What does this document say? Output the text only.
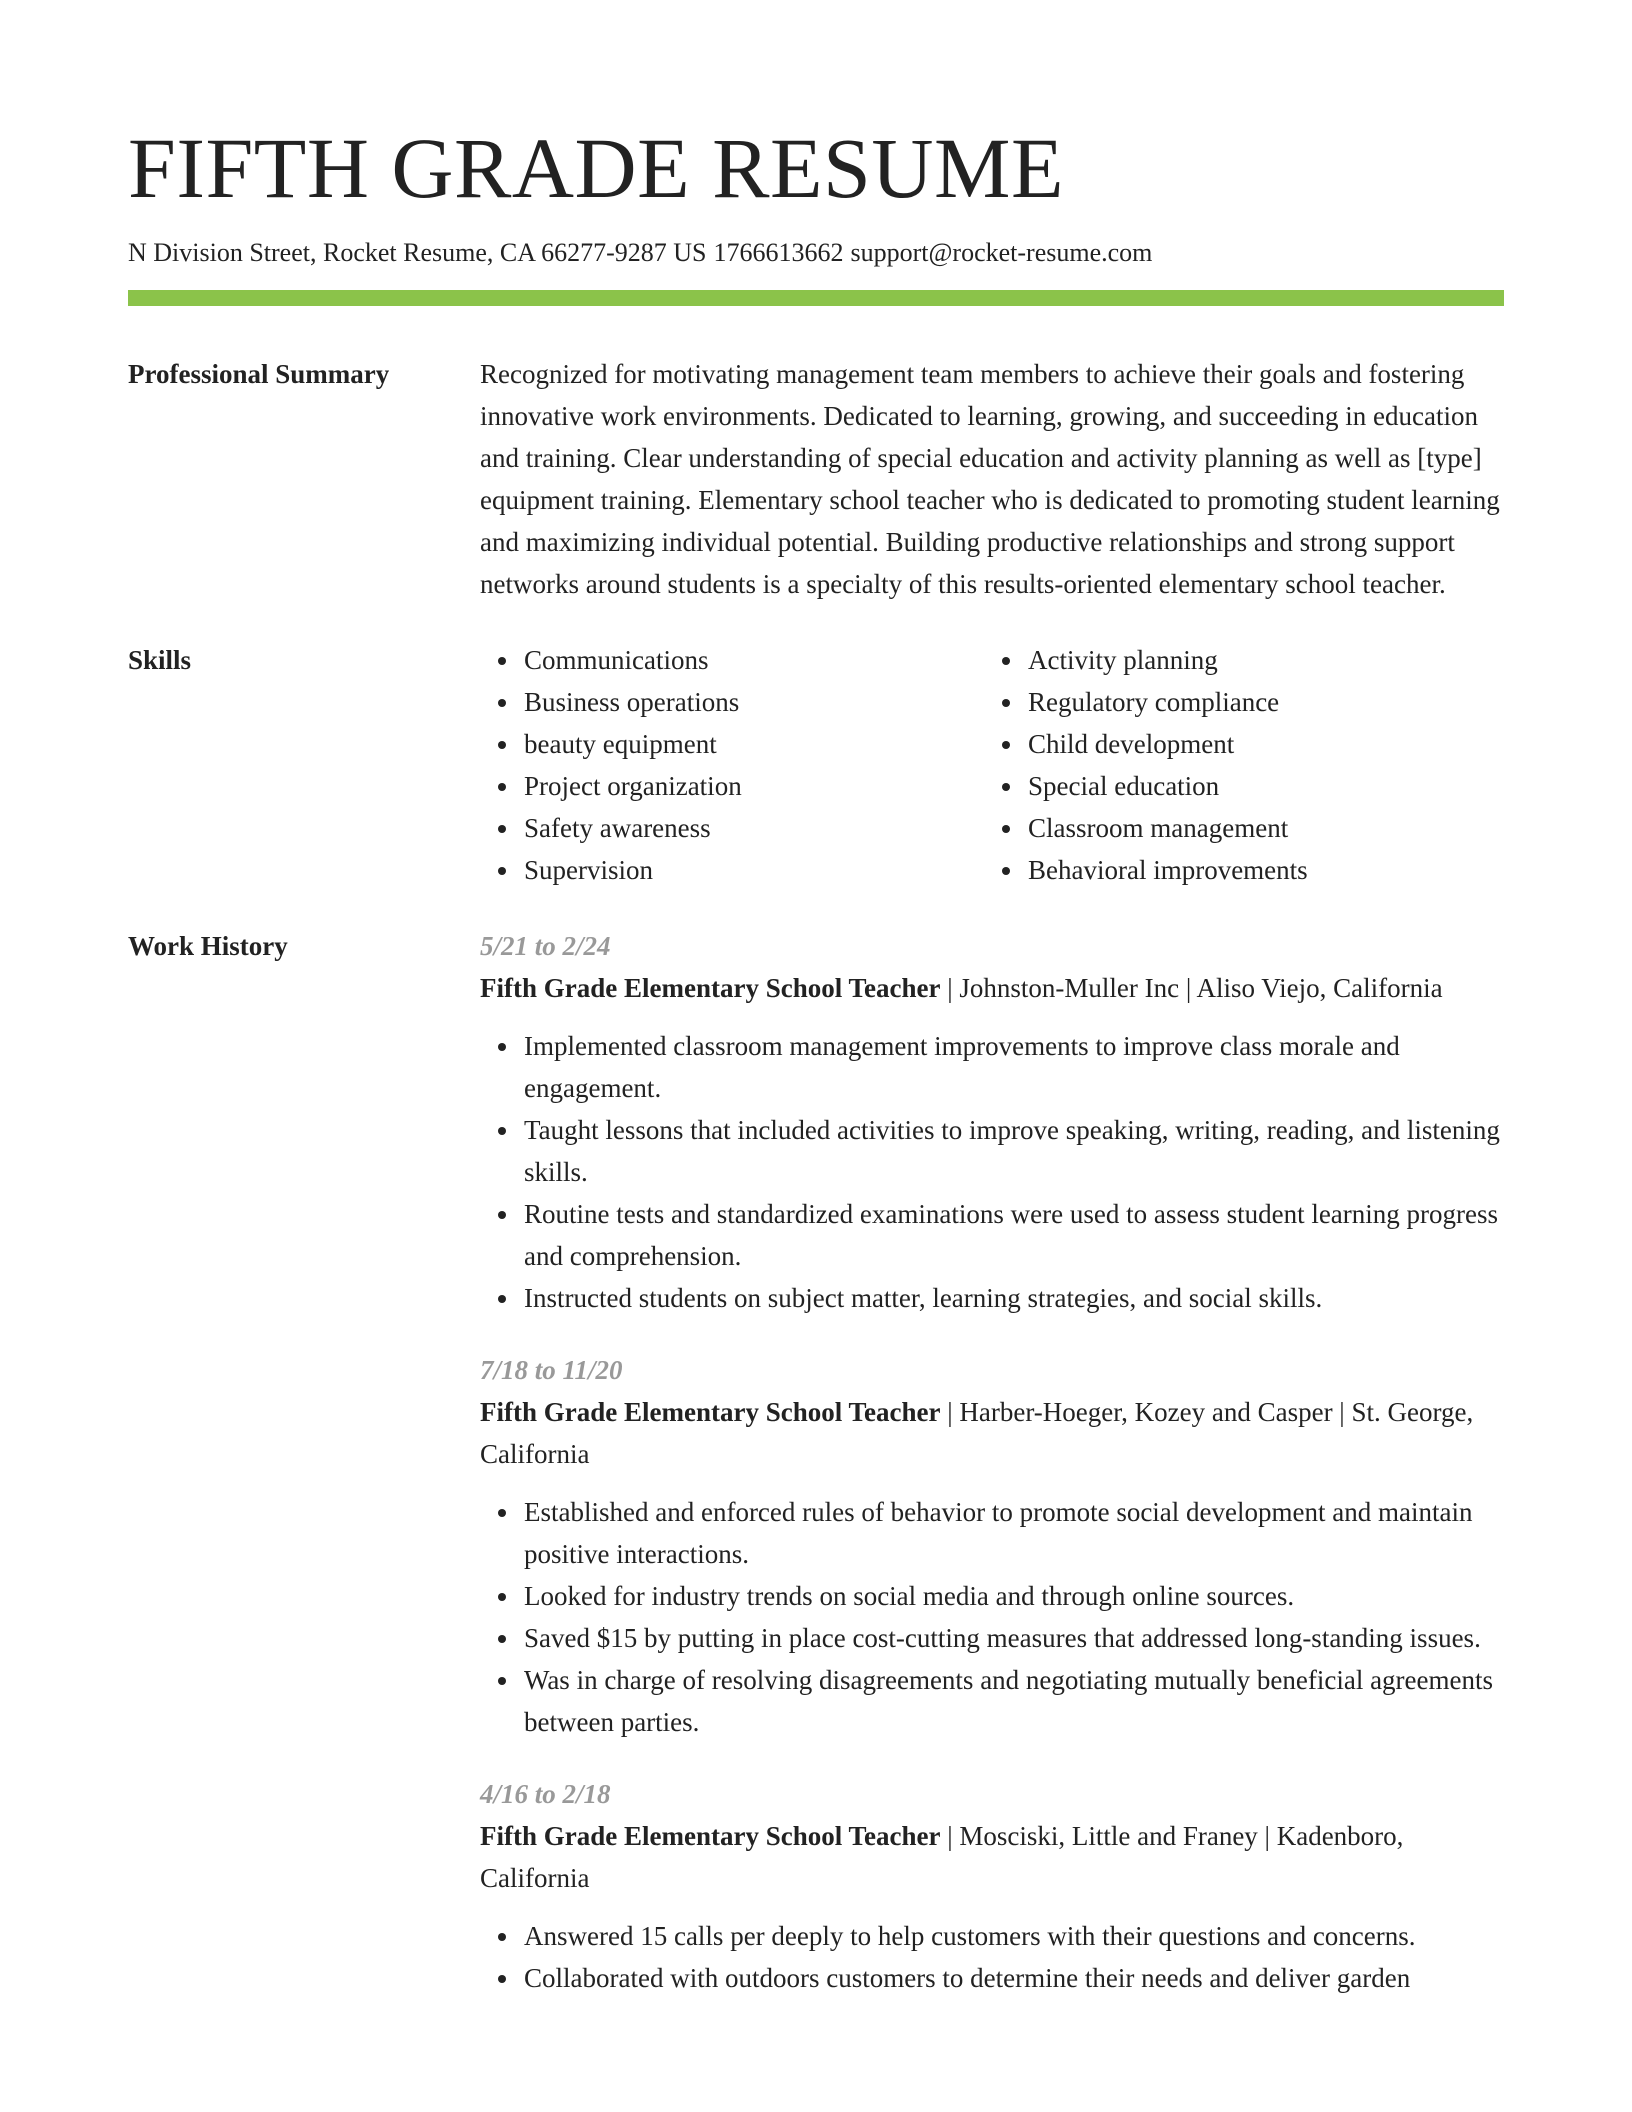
FIFTH GRADE RESUME
N Division Street, Rocket Resume, CA 66277-9287 US 1766613662 support@rocket-resume.com
Professional Summary	Recognized for motivating management team members to achieve their goals and fostering innovative work environments. Dedicated to learning, growing, and succeeding in education and training. Clear understanding of special education and activity planning as well as [type] equipment training. Elementary school teacher who is dedicated to promoting student learning and maximizing individual potential. Building productive relationships and strong support networks around students is a specialty of this results-oriented elementary school teacher.

Skills	Communications
Business operations
beauty equipment
Project organization
Safety awareness
Supervision
Activity planning
Regulatory compliance
Child development
Special education
Classroom management
Behavioral improvements
Work History	5/21 to 2/24
Fifth Grade Elementary School Teacher | Johnston-Muller Inc | Aliso Viejo, California
Implemented classroom management improvements to improve class morale and engagement.
Taught lessons that included activities to improve speaking, writing, reading, and listening skills.
Routine tests and standardized examinations were used to assess student learning progress and comprehension.
Instructed students on subject matter, learning strategies, and social skills.
7/18 to 11/20
Fifth Grade Elementary School Teacher | Harber-Hoeger, Kozey and Casper | St. George, California
Established and enforced rules of behavior to promote social development and maintain positive interactions.
Looked for industry trends on social media and through online sources.
Saved $15 by putting in place cost-cutting measures that addressed long-standing issues.
Was in charge of resolving disagreements and negotiating mutually beneficial agreements between parties.
4/16 to 2/18
Fifth Grade Elementary School Teacher | Mosciski, Little and Franey | Kadenboro, California
Answered 15 calls per deeply to help customers with their questions and concerns.
Collaborated with outdoors customers to determine their needs and deliver garden
